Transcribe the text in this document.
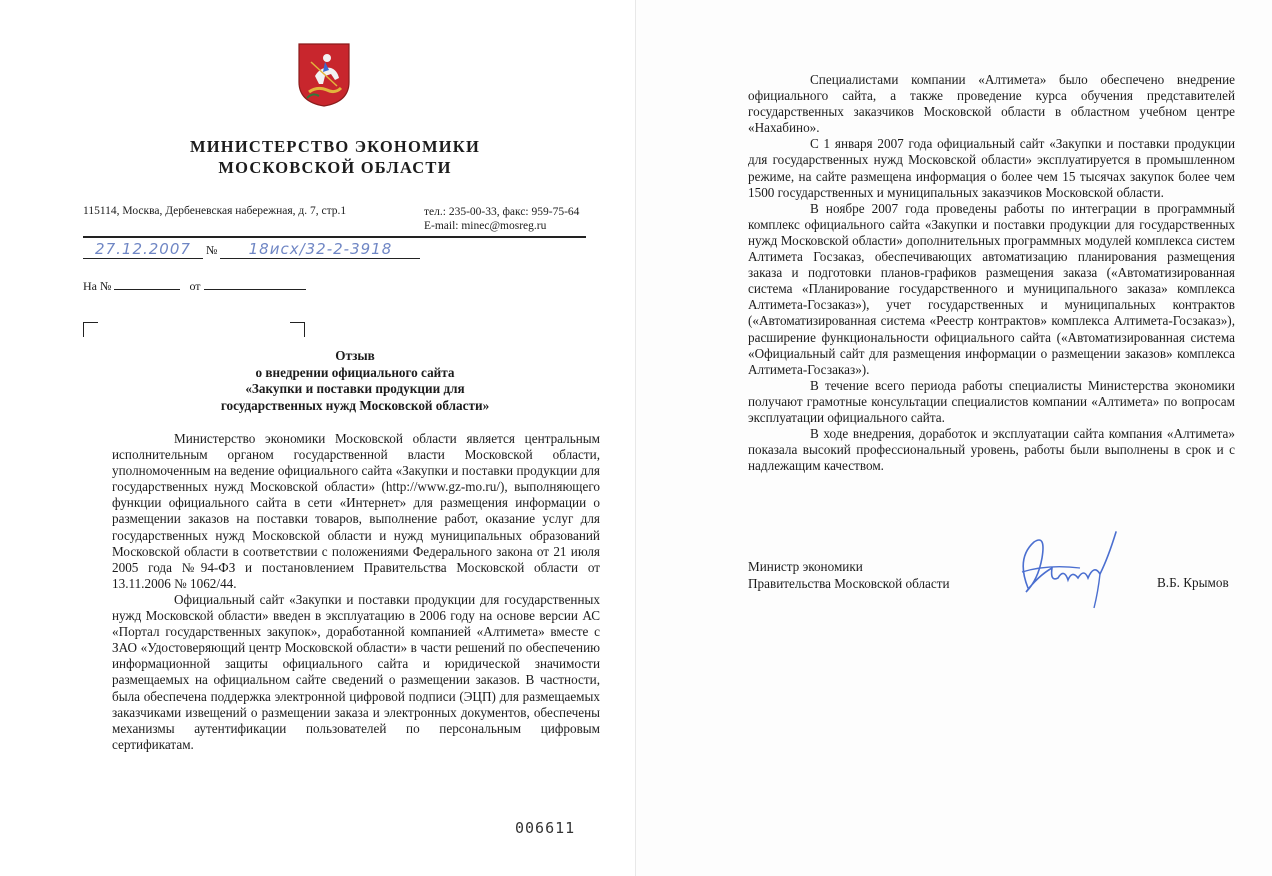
МИНИСТЕРСТВО ЭКОНОМИКИ
МОСКОВСКОЙ ОБЛАСТИ
115114, Москва, Дербеневская набережная, д. 7, стр.1	тел.: 235-00-33, факс: 959-75-64
E-mail: minec@mosreg.ru
27.12.2007 № 18исх/32-2-3918
На №	от
Отзыв
о внедрении официального сайта
«Закупки и поставки продукции для
государственных нужд Московской области»

Министерство экономики Московской области является центральным исполнительным органом государственной власти Московской области, уполномоченным на ведение официального сайта «Закупки и поставки продукции для государственных нужд Московской области» (http://www.gz-mo.ru/), выполняющего функции официального сайта в сети «Интернет» для размещения информации о размещении заказов на поставки товаров, выполнение работ, оказание услуг для государственных нужд Московской области и нужд муниципальных образований Московской области в соответствии с положениями Федерального закона от 21 июля 2005 года №94-ФЗ и постановлением Правительства Московской области от 13.11.2006 № 1062/44.

Официальный сайт «Закупки и поставки продукции для государственных нужд Московской области» введен в эксплуатацию в 2006 году на основе версии АС «Портал государственных закупок», доработанной компанией «Алтимета» вместе с ЗАО «Удостоверяющий центр Московской области» в части решений по обеспечению информационной защиты официального сайта и юридической значимости размещаемых на официальном сайте сведений о размещении заказов. В частности, была обеспечена поддержка электронной цифровой подписи (ЭЦП) для размещаемых заказчиками извещений о размещении заказа и электронных документов, обеспечены механизмы аутентификации пользователей по персональным цифровым сертификатам.

006611

Специалистами компании «Алтимета» было обеспечено внедрение официального сайта, а также проведение курса обучения представителей государственных заказчиков Московской области в областном учебном центре «Нахабино».

С 1 января 2007 года официальный сайт «Закупки и поставки продукции для государственных нужд Московской области» эксплуатируется в промышленном режиме, на сайте размещена информация о более чем 15 тысячах закупок более чем 1500 государственных и муниципальных заказчиков Московской области.

В ноябре 2007 года проведены работы по интеграции в программный комплекс официального сайта «Закупки и поставки продукции для государственных нужд Московской области» дополнительных программных модулей комплекса систем Алтимета Госзаказ, обеспечивающих автоматизацию планирования размещения заказа и подготовки планов-графиков размещения заказа («Автоматизированная система «Планирование государственного и муниципального заказа» комплекса Алтимета-Госзаказ»), учет государственных и муниципальных контрактов («Автоматизированная система «Реестр контрактов» комплекса Алтимета-Госзаказ»), расширение функциональности официального сайта («Автоматизированная система «Официальный сайт для размещения информации о размещении заказов» комплекса Алтимета-Госзаказ»).

В течение всего периода работы специалисты Министерства экономики получают грамотные консультации специалистов компании «Алтимета» по вопросам эксплуатации официального сайта.

В ходе внедрения, доработок и эксплуатации сайта компания «Алтимета» показала высокий профессиональный уровень, работы были выполнены в срок и с надлежащим качеством.

Министр экономики
Правительства Московской области	В.Б. Крымов
